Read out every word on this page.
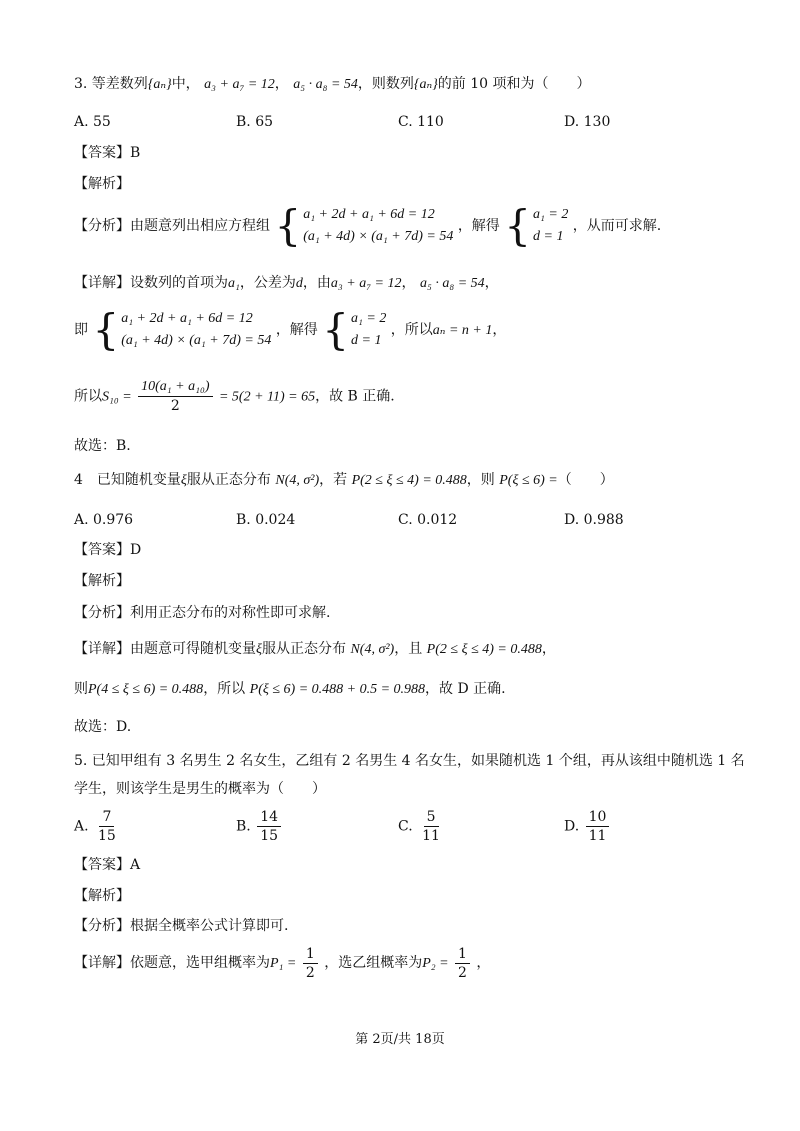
3. 等差数列{aₙ}中， a₃ + a₇ = 12， a₅ · a₈ = 54，则数列{aₙ}的前 10 项和为（　　）
A. 55	B. 65	C. 110	D. 130
【答案】B
【解析】
【分析】由题意列出相应方程组 { a₁ + 2d + a₁ + 6d = 12
(a₁ + 4d) × (a₁ + 7d) = 54
，解得 { a₁ = 2
d = 1
，从而可求解.
【详解】设数列的首项为a₁，公差为d，由a₃ + a₇ = 12， a₅ · a₈ = 54，
即 { a₁ + 2d + a₁ + 6d = 12
(a₁ + 4d) × (a₁ + 7d) = 54
，解得 { a₁ = 2
d = 1
，所以aₙ = n + 1，
所以$S_{10} = \frac{\text{10(a₁ + a₁₀)}}{2} = 5(2 + 11) = 65$，故 B 正确.
故选：B.
4　已知随机变量ξ服从正态分布 N(4, σ²)，若 P(2 ≤ ξ ≤ 4) = 0.488，则 P(ξ ≤ 6) =（　　）
A. 0.976	B. 0.024	C. 0.012	D. 0.988
【答案】D
【解析】
【分析】利用正态分布的对称性即可求解.
【详解】由题意可得随机变量ξ服从正态分布 N(4, σ²)，且 P(2 ≤ ξ ≤ 4) = 0.488，
则P(4 ≤ ξ ≤ 6) = 0.488，所以 P(ξ ≤ 6) = 0.488 + 0.5 = 0.988，故 D 正确.
故选：D.
5. 已知甲组有 3 名男生 2 名女生，乙组有 2 名男生 4 名女生，如果随机选 1 个组，再从该组中随机选 1 名
学生，则该学生是男生的概率为（　　）
A. $\frac{7}{15}$	B. $\frac{14}{15}$	C. $\frac{5}{11}$	D. $\frac{10}{11}$
【答案】A
【解析】
【分析】根据全概率公式计算即可.
【详解】依题意，选甲组概率为$P_1 = \frac{1}{2}$ ，选乙组概率为$P_2 = \frac{1}{2}$ ，
第 2页/共 18页
